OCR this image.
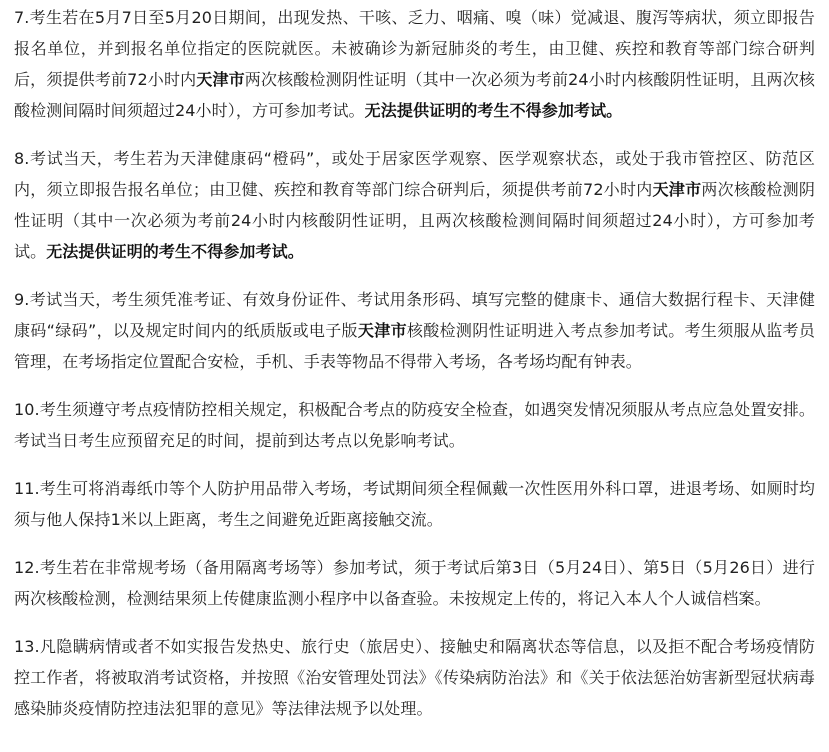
7.考生若在5月7日至5月20日期间，出现发热、干咳、乏力、咽痛、嗅（味）觉减退、腹泻等病状，须立即报告报名单位，并到报名单位指定的医院就医。未被确诊为新冠肺炎的考生，由卫健、疾控和教育等部门综合研判后，须提供考前72小时内天津市两次核酸检测阴性证明（其中一次必须为考前24小时内核酸阴性证明，且两次核酸检测间隔时间须超过24小时），方可参加考试。无法提供证明的考生不得参加考试。

8.考试当天，考生若为天津健康码“橙码”，或处于居家医学观察、医学观察状态，或处于我市管控区、防范区内，须立即报告报名单位；由卫健、疾控和教育等部门综合研判后，须提供考前72小时内天津市两次核酸检测阴性证明（其中一次必须为考前24小时内核酸阴性证明，且两次核酸检测间隔时间须超过24小时），方可参加考试。无法提供证明的考生不得参加考试。

9.考试当天，考生须凭准考证、有效身份证件、考试用条形码、填写完整的健康卡、通信大数据行程卡、天津健康码“绿码”，以及规定时间内的纸质版或电子版天津市核酸检测阴性证明进入考点参加考试。考生须服从监考员管理，在考场指定位置配合安检，手机、手表等物品不得带入考场，各考场均配有钟表。

10.考生须遵守考点疫情防控相关规定，积极配合考点的防疫安全检查，如遇突发情况须服从考点应急处置安排。考试当日考生应预留充足的时间，提前到达考点以免影响考试。

11.考生可将消毒纸巾等个人防护用品带入考场，考试期间须全程佩戴一次性医用外科口罩，进退考场、如厕时均须与他人保持1米以上距离，考生之间避免近距离接触交流。

12.考生若在非常规考场（备用隔离考场等）参加考试，须于考试后第3日（5月24日）、第5日（5月26日）进行两次核酸检测，检测结果须上传健康监测小程序中以备查验。未按规定上传的，将记入本人个人诚信档案。

13.凡隐瞒病情或者不如实报告发热史、旅行史（旅居史）、接触史和隔离状态等信息，以及拒不配合考场疫情防控工作者，将被取消考试资格，并按照《治安管理处罚法》《传染病防治法》和《关于依法惩治妨害新型冠状病毒感染肺炎疫情防控违法犯罪的意见》等法律法规予以处理。
